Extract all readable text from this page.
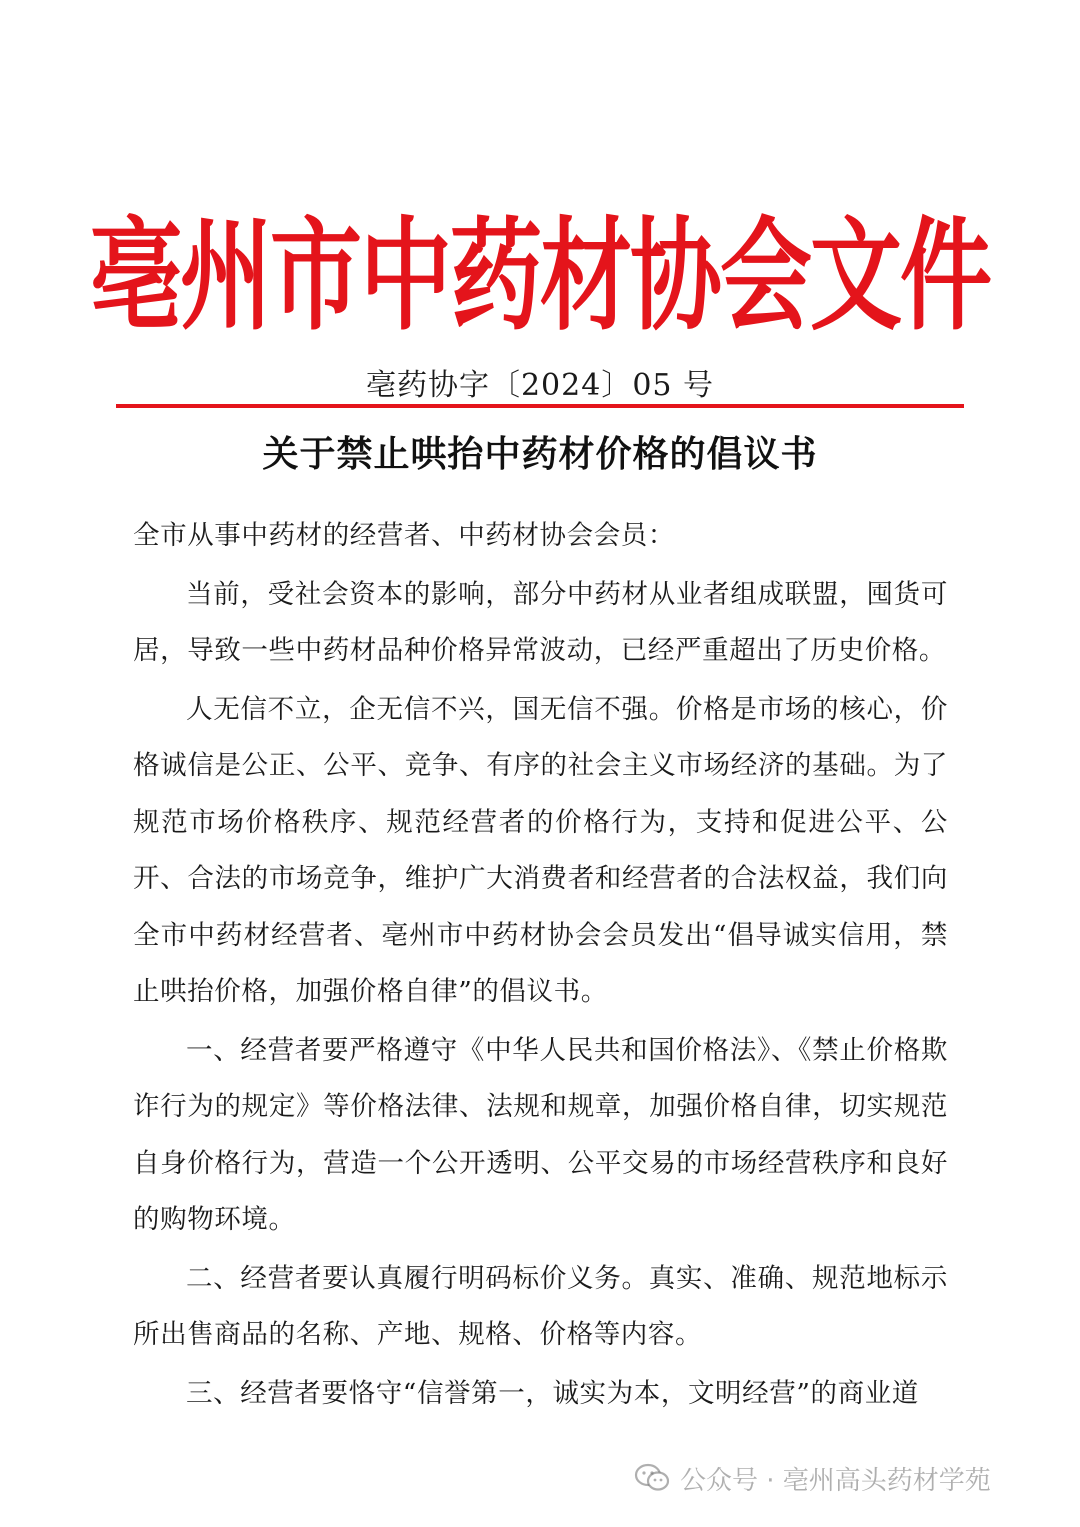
亳州市中药材协会文件
亳药协字〔2024〕05 号
关于禁止哄抬中药材价格的倡议书

全市从事中药材的经营者、中药材协会会员：

当前，受社会资本的影响，部分中药材从业者组成联盟，囤货可居，导致一些中药材品种价格异常波动，已经严重超出了历史价格。

人无信不立，企无信不兴，国无信不强。价格是市场的核心，价格诚信是公正、公平、竞争、有序的社会主义市场经济的基础。为了规范市场价格秩序、规范经营者的价格行为，支持和促进公平、公开、合法的市场竞争，维护广大消费者和经营者的合法权益，我们向全市中药材经营者、亳州市中药材协会会员发出“倡导诚实信用，禁止哄抬价格，加强价格自律”的倡议书。

一、经营者要严格遵守《中华人民共和国价格法》、《禁止价格欺诈行为的规定》等价格法律、法规和规章，加强价格自律，切实规范自身价格行为，营造一个公开透明、公平交易的市场经营秩序和良好的购物环境。

二、经营者要认真履行明码标价义务。真实、准确、规范地标示所出售商品的名称、产地、规格、价格等内容。

三、经营者要恪守“信誉第一，诚实为本，文明经营”的商业道

公众号 · 亳州高头药材学苑
